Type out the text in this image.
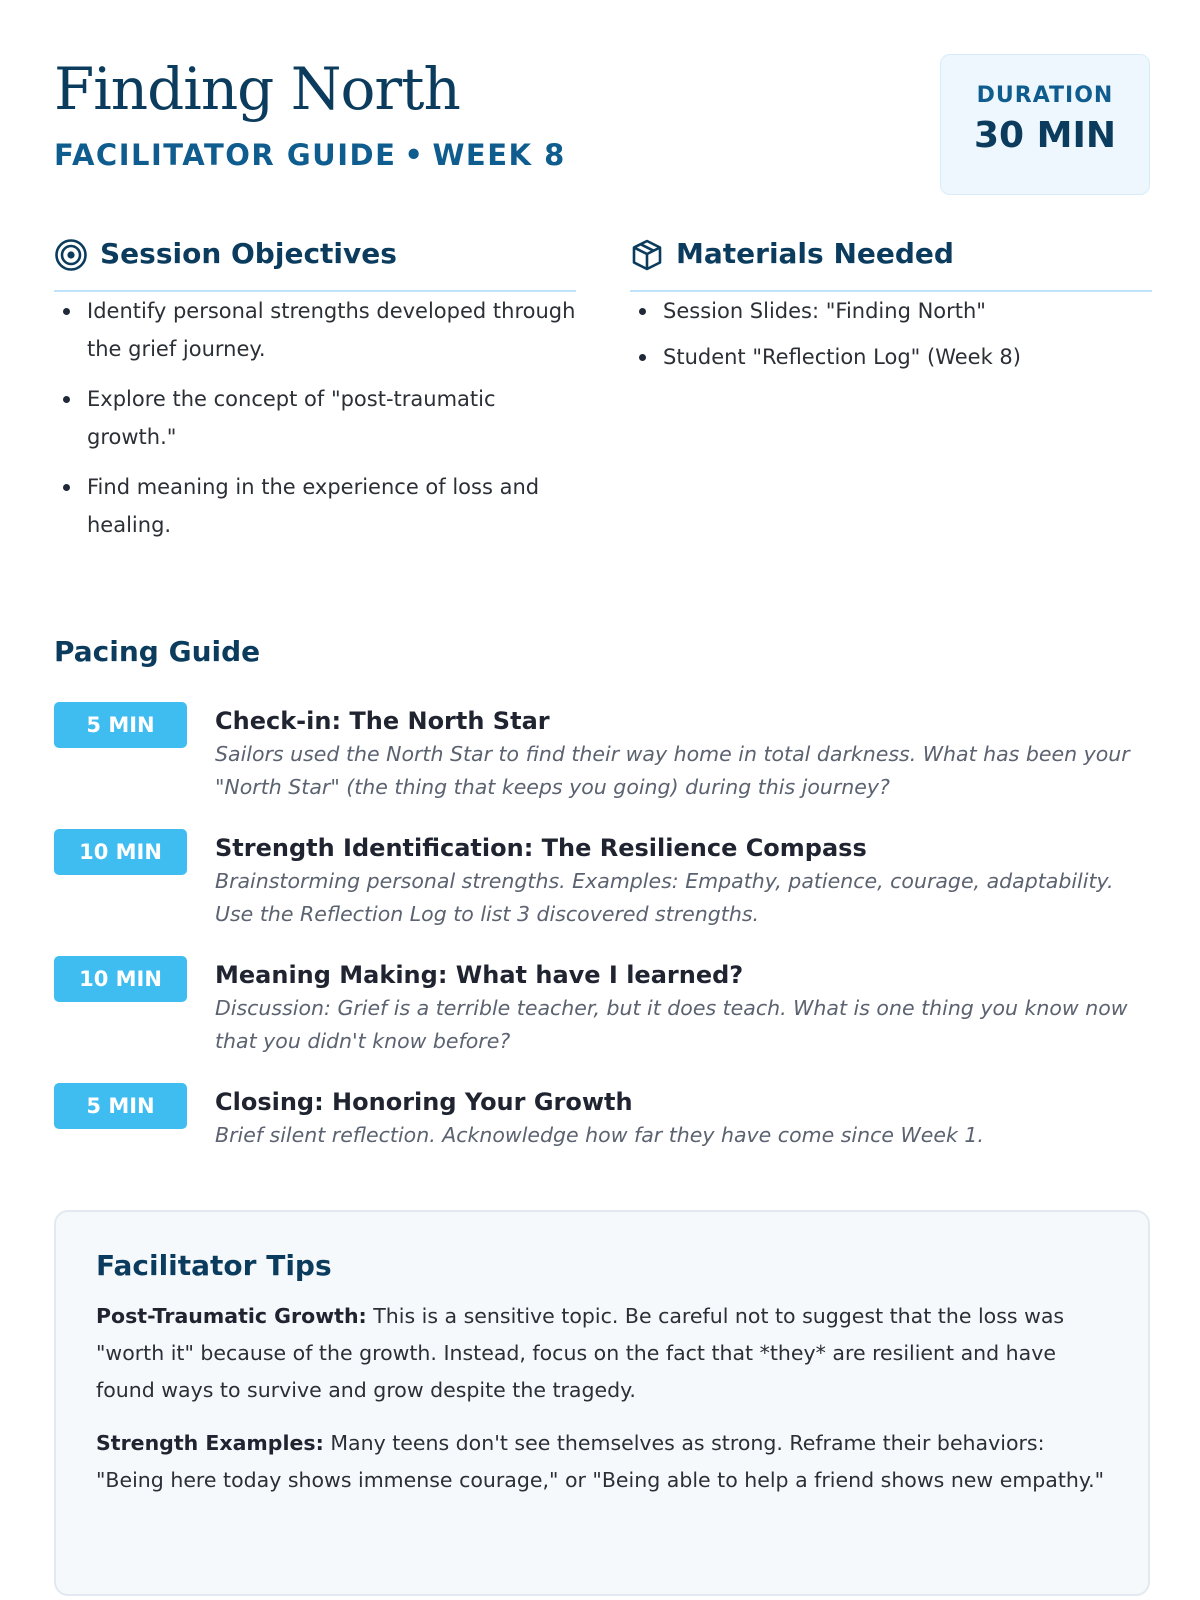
Finding North
FACILITATOR GUIDE • WEEK 8
DURATION
30 MIN
Session Objectives
Identify personal strengths developed through the grief journey.
Explore the concept of "post-traumatic growth."
Find meaning in the experience of loss and healing.
Materials Needed
Session Slides: "Finding North"
Student "Reflection Log" (Week 8)
Pacing Guide
5 MIN	Check-in: The North Star
Sailors used the North Star to find their way home in total darkness. What has been your "North Star" (the thing that keeps you going) during this journey?
10 MIN	Strength Identification: The Resilience Compass
Brainstorming personal strengths. Examples: Empathy, patience, courage, adaptability. Use the Reflection Log to list 3 discovered strengths.
10 MIN	Meaning Making: What have I learned?
Discussion: Grief is a terrible teacher, but it does teach. What is one thing you know now that you didn't know before?
5 MIN	Closing: Honoring Your Growth
Brief silent reflection. Acknowledge how far they have come since Week 1.
Facilitator Tips

Post-Traumatic Growth: This is a sensitive topic. Be careful not to suggest that the loss was "worth it" because of the growth. Instead, focus on the fact that *they* are resilient and have found ways to survive and grow despite the tragedy.

Strength Examples: Many teens don't see themselves as strong. Reframe their behaviors: "Being here today shows immense courage," or "Being able to help a friend shows new empathy."
